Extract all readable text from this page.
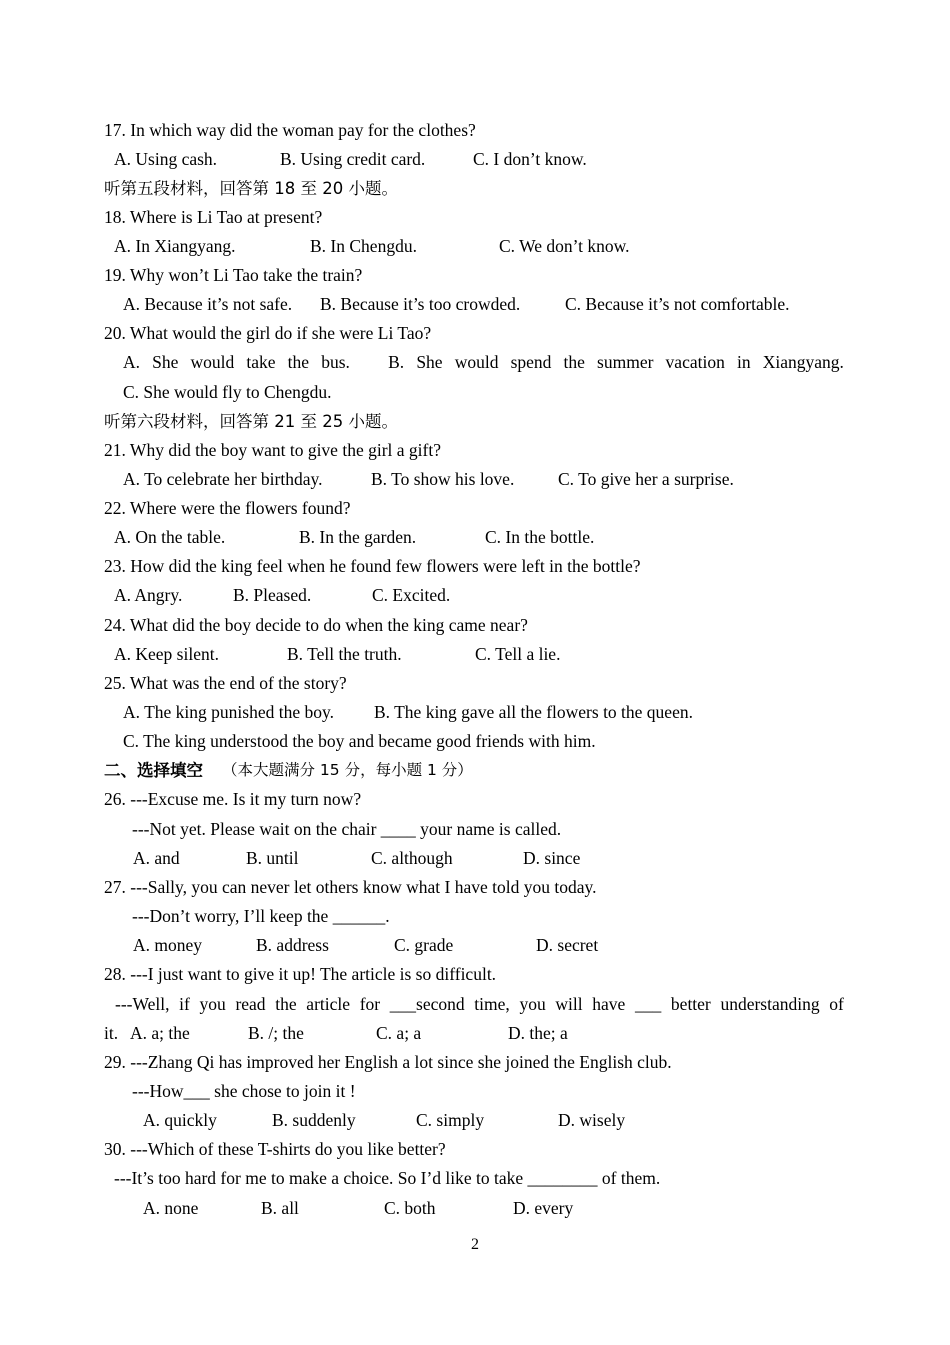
17. In which way did the woman pay for the clothes?
A. Using cash.	B. Using credit card.	C. I don’t know.
听第五段材料，回答第 18 至 20 小题。
18. Where is Li Tao at present?
A. In Xiangyang.	B. In Chengdu.	C. We don’t know.
19. Why won’t Li Tao take the train?
A. Because it’s not safe. B. Because it’s too crowded.	C. Because it’s not comfortable.
20. What would the girl do if she were Li Tao?
A. She would take the bus. B. She would spend the summer vacation in Xiangyang.
C. She would fly to Chengdu.
听第六段材料，回答第 21 至 25 小题。
21. Why did the boy want to give the girl a gift?
A. To celebrate her birthday.	B. To show his love. C. To give her a surprise.
22. Where were the flowers found?
A. On the table.	B. In the garden.	C. In the bottle.
23. How did the king feel when he found few flowers were left in the bottle?
A. Angry.	B. Pleased.	C. Excited.
24. What did the boy decide to do when the king came near?
A. Keep silent.	B. Tell the truth.	C. Tell a lie.
25. What was the end of the story?
A. The king punished the boy. B. The king gave all the flowers to the queen.
C. The king understood the boy and became good friends with him.
二、选择填空 （本大题满分 15 分，每小题 1 分）
26. ---Excuse me. Is it my turn now?
---Not yet. Please wait on the chair ____ your name is called.
A. and	B. until	C. although	D. since
27. ---Sally, you can never let others know what I have told you today.
---Don’t worry, I’ll keep the ______.
A. money	B. address	C. grade	D. secret
28. ---I just want to give it up! The article is so difficult.
---Well, if you read the article for ___second time, you will have ___ better understanding of
it. A. a; the	B. /; the	C. a; a	D. the; a
29. ---Zhang Qi has improved her English a lot since she joined the English club.
---How___ she chose to join it !
A. quickly	B. suddenly	C. simply	D. wisely
30. ---Which of these T-shirts do you like better?
---It’s too hard for me to make a choice. So I’d like to take ________ of them.
A. none	B. all	C. both	D. every
2
